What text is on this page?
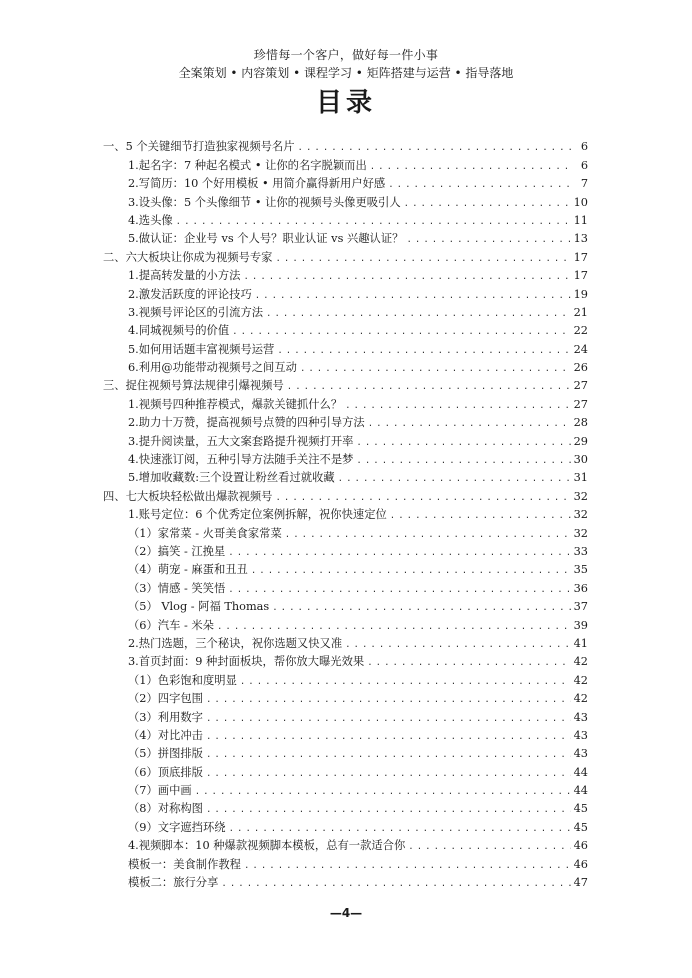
珍惜每一个客户，做好每一件小事
全案策划 • 内容策划 • 课程学习 • 矩阵搭建与运营 • 指导落地
目录
一、5 个关键细节打造独家视频号名片 . . .	6
1.起名字：7 种起名模式 • 让你的名字脱颖而出 . . .	6
2.写简历：10 个好用模板 • 用简介赢得新用户好感 . . .	7
3.设头像：5 个头像细节 • 让你的视频号头像更吸引人 . . .	10
4.选头像 . . .	11
5.做认证：企业号 vs 个人号？职业认证 vs 兴趣认证？ . . .	13
二、六大板块让你成为视频号专家 . . .	17
1.提高转发量的小方法 . . .	17
2.激发活跃度的评论技巧 . . .	19
3.视频号评论区的引流方法 . . .	21
4.同城视频号的价值 . . .	22
5.如何用话题丰富视频号运营 . . .	24
6.利用@功能带动视频号之间互动 . . .	26
三、捉住视频号算法规律引爆视频号 . . .	27
1.视频号四种推荐模式，爆款关键抓什么？ . . .	27
2.助力十万赞，提高视频号点赞的四种引导方法 . . .	28
3.提升阅读量，五大文案套路提升视频打开率 . . .	29
4.快速涨订阅，五种引导方法随手关注不是梦 . . .	30
5.增加收藏数:三个设置让粉丝看过就收藏 . . .	31
四、七大板块轻松做出爆款视频号 . . .	32
1.账号定位：6 个优秀定位案例拆解，祝你快速定位 . . .	32
（1）家常菜 - 火哥美食家常菜 . . .	32
（2）搞笑 - 江挽星 . . .	33
（4）萌宠 - 麻蛋和丑丑 . . .	35
（3）情感 - 笑笑悟 . . .	36
（5） Vlog - 阿福 Thomas . . .	37
（6）汽车 - 米朵 . . .	39
2.热门选题，三个秘诀，祝你选题又快又准 . . .	41
3.首页封面：9 种封面板块，帮你放大曝光效果 . . .	42
（1）色彩饱和度明显 . . .	42
（2）四字包围 . . .	42
（3）利用数字 . . .	43
（4）对比冲击 . . .	43
（5）拼图排版 . . .	43
（6）顶底排版 . . .	44
（7）画中画 . . .	44
（8）对称构图 . . .	45
（9）文字遮挡环绕 . . .	45
4.视频脚本：10 种爆款视频脚本模板，总有一款适合你 . . .	46
模板一：美食制作教程 . . .	46
模板二：旅行分享 . . .	47
—4—
